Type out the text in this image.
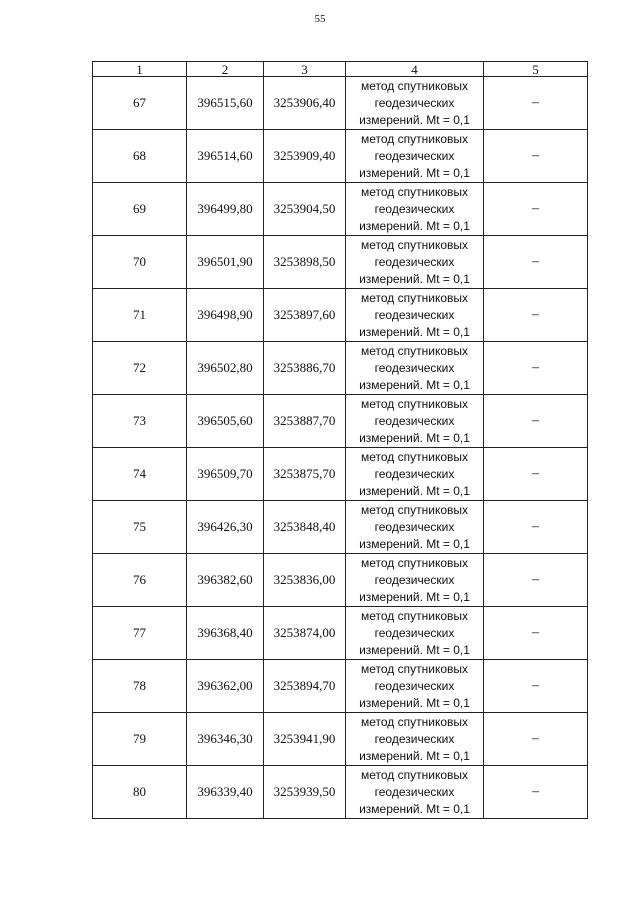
55
1	2	3	4	5
67	396515,60	3253906,40	метод спутниковых
геодезических
измерений. Mt = 0,1	–
68	396514,60	3253909,40	метод спутниковых
геодезических
измерений. Mt = 0,1	–
69	396499,80	3253904,50	метод спутниковых
геодезических
измерений. Mt = 0,1	–
70	396501,90	3253898,50	метод спутниковых
геодезических
измерений. Mt = 0,1	–
71	396498,90	3253897,60	метод спутниковых
геодезических
измерений. Mt = 0,1	–
72	396502,80	3253886,70	метод спутниковых
геодезических
измерений. Mt = 0,1	–
73	396505,60	3253887,70	метод спутниковых
геодезических
измерений. Mt = 0,1	–
74	396509,70	3253875,70	метод спутниковых
геодезических
измерений. Mt = 0,1	–
75	396426,30	3253848,40	метод спутниковых
геодезических
измерений. Mt = 0,1	–
76	396382,60	3253836,00	метод спутниковых
геодезических
измерений. Mt = 0,1	–
77	396368,40	3253874,00	метод спутниковых
геодезических
измерений. Mt = 0,1	–
78	396362,00	3253894,70	метод спутниковых
геодезических
измерений. Mt = 0,1	–
79	396346,30	3253941,90	метод спутниковых
геодезических
измерений. Mt = 0,1	–
80	396339,40	3253939,50	метод спутниковых
геодезических
измерений. Mt = 0,1	–
